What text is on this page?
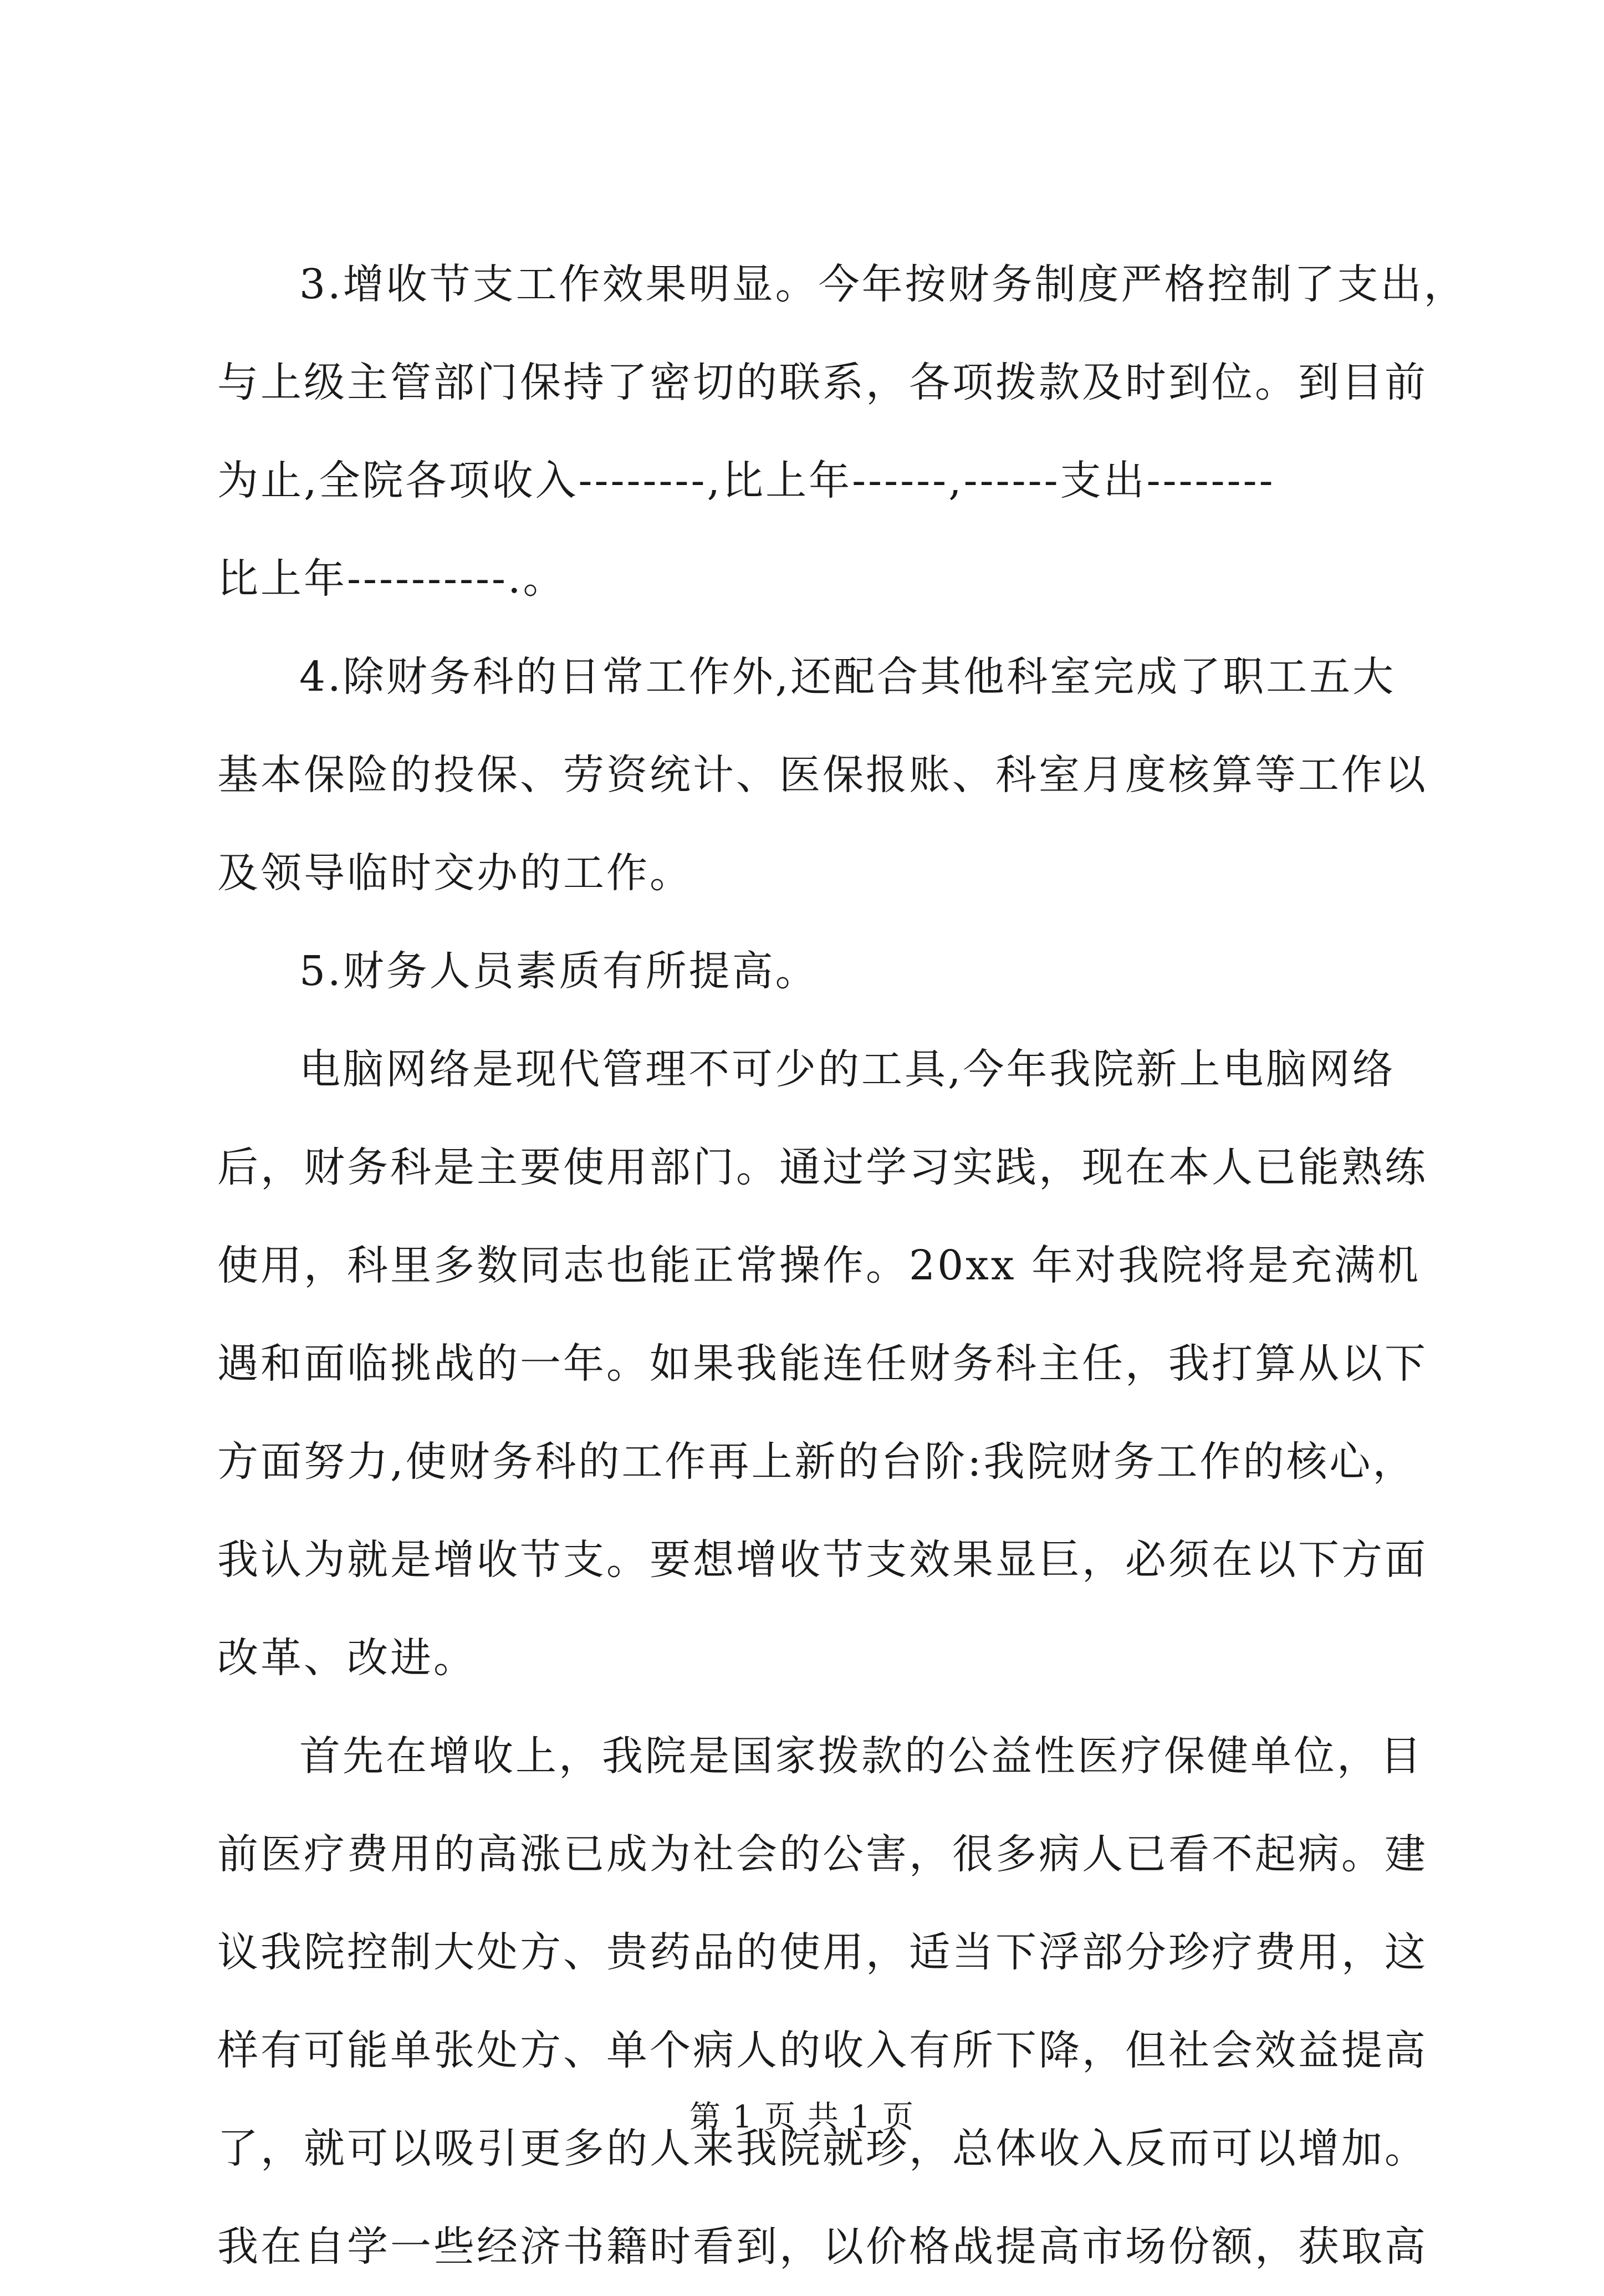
3.增收节支工作效果明显。今年按财务制度严格控制了支出，
与上级主管部门保持了密切的联系，各项拨款及时到位。到目前
为止,全院各项收入--------,比上年------,------支出--------
比上年----------.。
4.除财务科的日常工作外,还配合其他科室完成了职工五大
基本保险的投保、劳资统计、医保报账、科室月度核算等工作以
及领导临时交办的工作。
5.财务人员素质有所提高。
电脑网络是现代管理不可少的工具,今年我院新上电脑网络
后，财务科是主要使用部门。通过学习实践，现在本人已能熟练
使用，科里多数同志也能正常操作。20xx 年对我院将是充满机
遇和面临挑战的一年。如果我能连任财务科主任，我打算从以下
方面努力,使财务科的工作再上新的台阶:我院财务工作的核心，
我认为就是增收节支。要想增收节支效果显巨，必须在以下方面
改革、改进。
首先在增收上，我院是国家拨款的公益性医疗保健单位，目
前医疗费用的高涨已成为社会的公害，很多病人已看不起病。建
议我院控制大处方、贵药品的使用，适当下浮部分珍疗费用，这
样有可能单张处方、单个病人的收入有所下降，但社会效益提高
了，就可以吸引更多的人来我院就珍，总体收入反而可以增加。
我在自学一些经济书籍时看到，以价格战提高市场份额，获取高
第 1 页 共 1 页
